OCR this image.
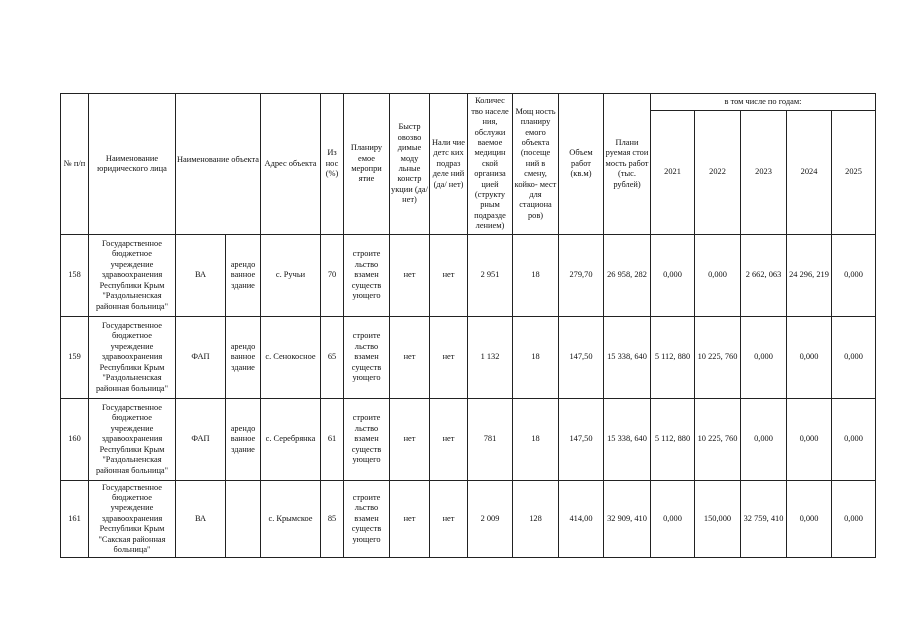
№ п/п	Наименование юридического лица	Наименование объекта		Адрес объекта	Из нос (%)	Планиру емое меропри ятие	Быстр овозво димые моду льные констр укции (да/ нет)	Нали чие детс ких подраз деле ний (да/ нет)	Количес тво населе ния, обслужи ваемое медицин ской организа цией (структу рным подразде лением)	Мощ ность планиру емого объекта (посеще ний в смену, койко- мест для стациона ров)	Объем работ (кв.м)	Плани руемая стои мость работ (тыс. рублей)	в том числе по годам:				
													2021	2022	2023	2024	2025
158	Государственное бюджетное учреждение здравоохранения Республики Крым "Раздольненская районная больница"	ВА	арендо ванное здание	с. Ручьи	70	строите льство взамен существ ующего	нет	нет	2 951	18	279,70	26 958, 282	0,000	0,000	2 662, 063	24 296, 219	0,000
159	Государственное бюджетное учреждение здравоохранения Республики Крым "Раздольненская районная больница"	ФАП	арендо ванное здание	с. Сенокосное	65	строите льство взамен существ ующего	нет	нет	1 132	18	147,50	15 338, 640	5 112, 880	10 225, 760	0,000	0,000	0,000
160	Государственное бюджетное учреждение здравоохранения Республики Крым "Раздольненская районная больница"	ФАП	арендо ванное здание	с. Серебрянка	61	строите льство взамен существ ующего	нет	нет	781	18	147,50	15 338, 640	5 112, 880	10 225, 760	0,000	0,000	0,000
161	Государственное бюджетное учреждение здравоохранения Республики Крым "Сакская районная больница"	ВА		с. Крымское	85	строите льство взамен существ ующего	нет	нет	2 009	128	414,00	32 909, 410	0,000	150,000	32 759, 410	0,000	0,000
